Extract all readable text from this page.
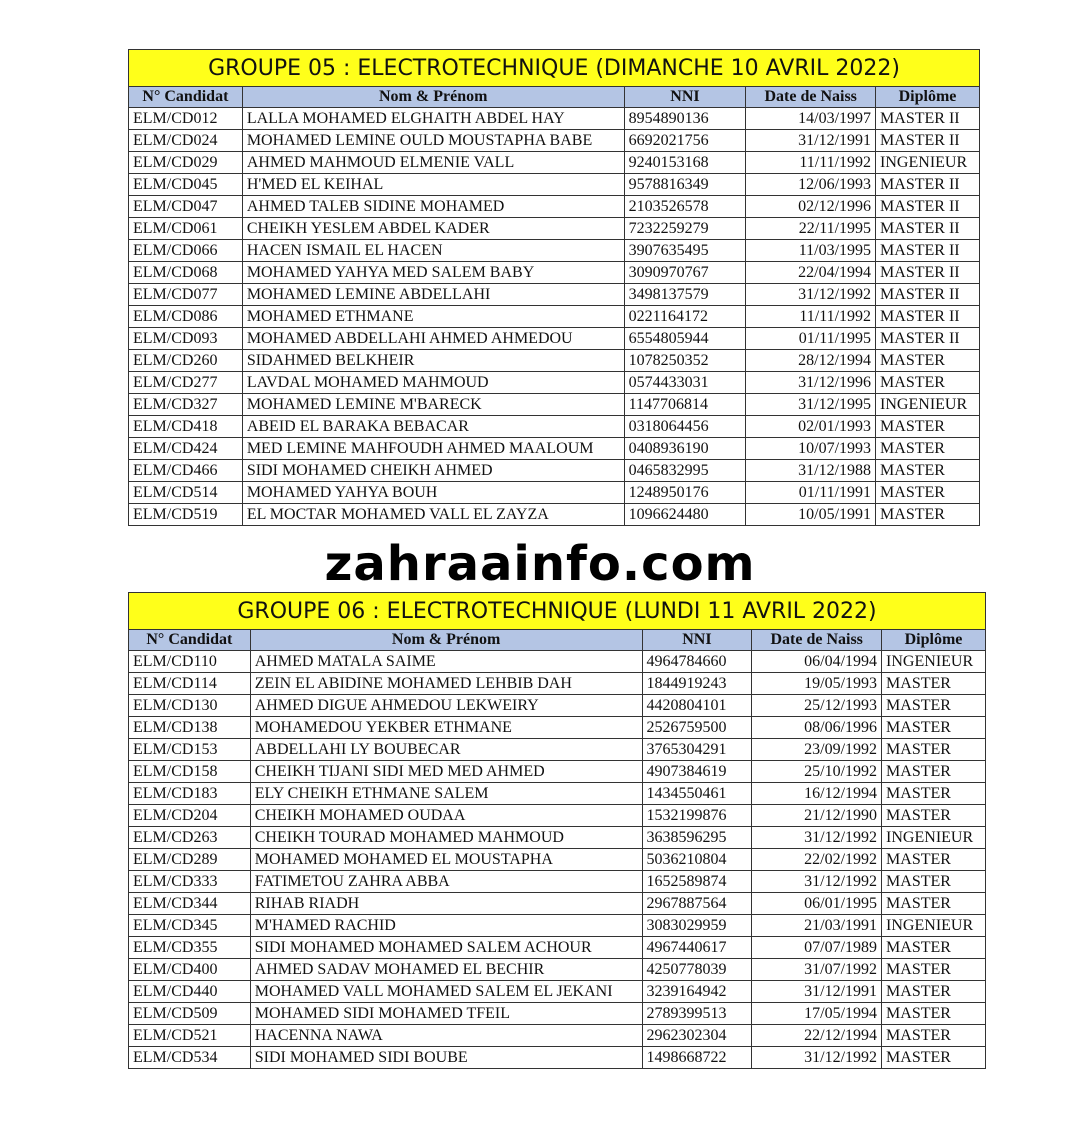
GROUPE 05 : ELECTROTECHNIQUE (DIMANCHE 10 AVRIL 2022)				
N° Candidat	Nom & Prénom	NNI	Date de Naiss	Diplôme
ELM/CD012	LALLA MOHAMED ELGHAITH ABDEL HAY	8954890136	14/03/1997	MASTER II
ELM/CD024	MOHAMED LEMINE OULD MOUSTAPHA BABE	6692021756	31/12/1991	MASTER II
ELM/CD029	AHMED MAHMOUD ELMENIE VALL	9240153168	11/11/1992	INGENIEUR
ELM/CD045	H'MED EL KEIHAL	9578816349	12/06/1993	MASTER II
ELM/CD047	AHMED TALEB SIDINE MOHAMED	2103526578	02/12/1996	MASTER II
ELM/CD061	CHEIKH YESLEM ABDEL KADER	7232259279	22/11/1995	MASTER II
ELM/CD066	HACEN ISMAIL EL HACEN	3907635495	11/03/1995	MASTER II
ELM/CD068	MOHAMED YAHYA MED SALEM BABY	3090970767	22/04/1994	MASTER II
ELM/CD077	MOHAMED LEMINE ABDELLAHI	3498137579	31/12/1992	MASTER II
ELM/CD086	MOHAMED ETHMANE	0221164172	11/11/1992	MASTER II
ELM/CD093	MOHAMED ABDELLAHI AHMED AHMEDOU	6554805944	01/11/1995	MASTER II
ELM/CD260	SIDAHMED BELKHEIR	1078250352	28/12/1994	MASTER
ELM/CD277	LAVDAL MOHAMED MAHMOUD	0574433031	31/12/1996	MASTER
ELM/CD327	MOHAMED LEMINE M'BARECK	1147706814	31/12/1995	INGENIEUR
ELM/CD418	ABEID EL BARAKA BEBACAR	0318064456	02/01/1993	MASTER
ELM/CD424	MED LEMINE MAHFOUDH AHMED MAALOUM	0408936190	10/07/1993	MASTER
ELM/CD466	SIDI MOHAMED CHEIKH AHMED	0465832995	31/12/1988	MASTER
ELM/CD514	MOHAMED YAHYA BOUH	1248950176	01/11/1991	MASTER
ELM/CD519	EL MOCTAR MOHAMED VALL EL ZAYZA	1096624480	10/05/1991	MASTER
zahraainfo.com
GROUPE 06 : ELECTROTECHNIQUE (LUNDI 11 AVRIL 2022)				
N° Candidat	Nom & Prénom	NNI	Date de Naiss	Diplôme
ELM/CD110	AHMED MATALA SAIME	4964784660	06/04/1994	INGENIEUR
ELM/CD114	ZEIN EL ABIDINE MOHAMED LEHBIB DAH	1844919243	19/05/1993	MASTER
ELM/CD130	AHMED DIGUE AHMEDOU LEKWEIRY	4420804101	25/12/1993	MASTER
ELM/CD138	MOHAMEDOU YEKBER ETHMANE	2526759500	08/06/1996	MASTER
ELM/CD153	ABDELLAHI LY BOUBECAR	3765304291	23/09/1992	MASTER
ELM/CD158	CHEIKH TIJANI SIDI MED MED AHMED	4907384619	25/10/1992	MASTER
ELM/CD183	ELY CHEIKH ETHMANE SALEM	1434550461	16/12/1994	MASTER
ELM/CD204	CHEIKH MOHAMED OUDAA	1532199876	21/12/1990	MASTER
ELM/CD263	CHEIKH TOURAD MOHAMED MAHMOUD	3638596295	31/12/1992	INGENIEUR
ELM/CD289	MOHAMED MOHAMED EL MOUSTAPHA	5036210804	22/02/1992	MASTER
ELM/CD333	FATIMETOU ZAHRA ABBA	1652589874	31/12/1992	MASTER
ELM/CD344	RIHAB RIADH	2967887564	06/01/1995	MASTER
ELM/CD345	M'HAMED RACHID	3083029959	21/03/1991	INGENIEUR
ELM/CD355	SIDI MOHAMED MOHAMED SALEM ACHOUR	4967440617	07/07/1989	MASTER
ELM/CD400	AHMED SADAV MOHAMED EL BECHIR	4250778039	31/07/1992	MASTER
ELM/CD440	MOHAMED VALL MOHAMED SALEM EL JEKANI	3239164942	31/12/1991	MASTER
ELM/CD509	MOHAMED SIDI MOHAMED TFEIL	2789399513	17/05/1994	MASTER
ELM/CD521	HACENNA NAWA	2962302304	22/12/1994	MASTER
ELM/CD534	SIDI MOHAMED SIDI BOUBE	1498668722	31/12/1992	MASTER
